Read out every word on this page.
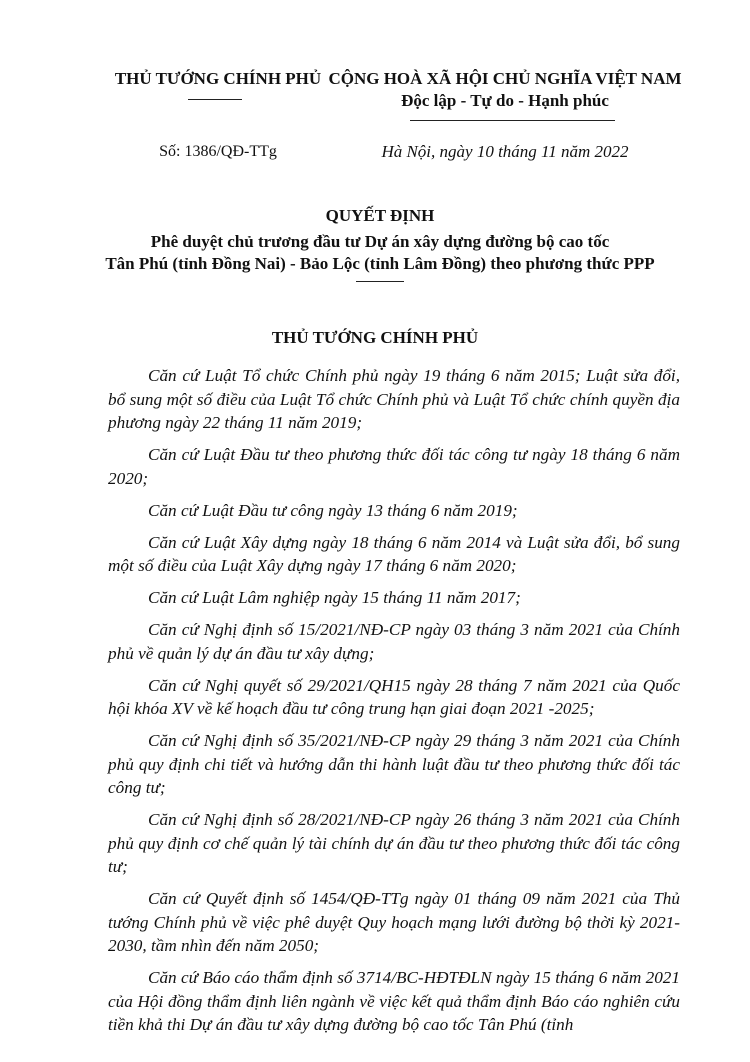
THỦ TƯỚNG CHÍNH PHỦ CỘNG HOÀ XÃ HỘI CHỦ NGHĨA VIỆT NAM
Độc lập - Tự do - Hạnh phúc
Số: 1386/QĐ-TTg	Hà Nội, ngày 10 tháng 11 năm 2022

QUYẾT ĐỊNH

Phê duyệt chủ trương đầu tư Dự án xây dựng đường bộ cao tốc

Tân Phú (tỉnh Đồng Nai) - Bảo Lộc (tỉnh Lâm Đồng) theo phương thức PPP

THỦ TƯỚNG CHÍNH PHỦ

Căn cứ Luật Tổ chức Chính phủ ngày 19 tháng 6 năm 2015; Luật sửa đổi, bổ sung một số điều của Luật Tổ chức Chính phủ và Luật Tổ chức chính quyền địa phương ngày 22 tháng 11 năm 2019;

Căn cứ Luật Đầu tư theo phương thức đối tác công tư ngày 18 tháng 6 năm 2020;

Căn cứ Luật Đầu tư công ngày 13 tháng 6 năm 2019;

Căn cứ Luật Xây dựng ngày 18 tháng 6 năm 2014 và Luật sửa đổi, bổ sung một số điều của Luật Xây dựng ngày 17 tháng 6 năm 2020;

Căn cứ Luật Lâm nghiệp ngày 15 tháng 11 năm 2017;

Căn cứ Nghị định số 15/2021/NĐ-CP ngày 03 tháng 3 năm 2021 của Chính phủ về quản lý dự án đầu tư xây dựng;

Căn cứ Nghị quyết số 29/2021/QH15 ngày 28 tháng 7 năm 2021 của Quốc hội khóa XV về kế hoạch đầu tư công trung hạn giai đoạn 2021 -2025;

Căn cứ Nghị định số 35/2021/NĐ-CP ngày 29 tháng 3 năm 2021 của Chính phủ quy định chi tiết và hướng dẫn thi hành luật đầu tư theo phương thức đối tác công tư;

Căn cứ Nghị định số 28/2021/NĐ-CP ngày 26 tháng 3 năm 2021 của Chính phủ quy định cơ chế quản lý tài chính dự án đầu tư theo phương thức đối tác công tư;

Căn cứ Quyết định số 1454/QĐ-TTg ngày 01 tháng 09 năm 2021 của Thủ tướng Chính phủ về việc phê duyệt Quy hoạch mạng lưới đường bộ thời kỳ 2021-2030, tầm nhìn đến năm 2050;

Căn cứ Báo cáo thẩm định số 3714/BC-HĐTĐLN ngày 15 tháng 6 năm 2021 của Hội đồng thẩm định liên ngành về việc kết quả thẩm định Báo cáo nghiên cứu tiền khả thi Dự án đầu tư xây dựng đường bộ cao tốc Tân Phú (tỉnh
